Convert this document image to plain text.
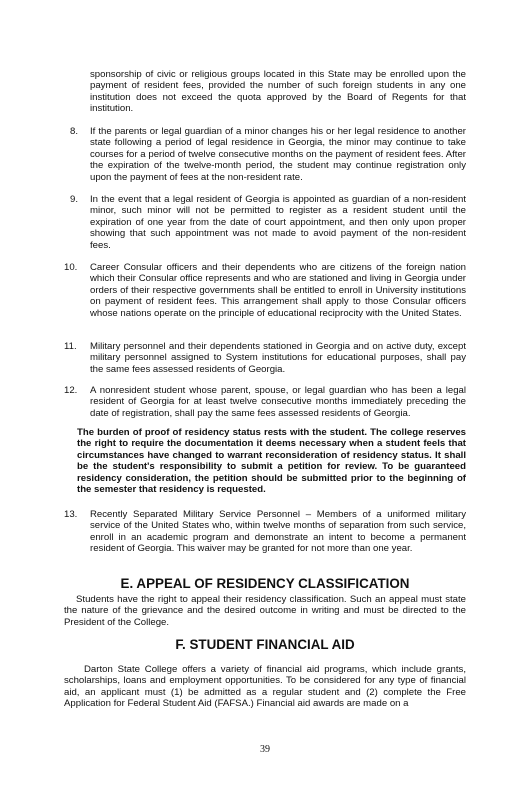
sponsorship of civic or religious groups located in this State may be enrolled upon the payment of resident fees, provided the number of such foreign students in any one institution does not exceed the quota approved by the Board of Regents for that institution.

8. If the parents or legal guardian of a minor changes his or her legal residence to another state following a period of legal residence in Georgia, the minor may continue to take courses for a period of twelve consecutive months on the payment of resident fees. After the expiration of the twelve-month period, the student may continue registration only upon the payment of fees at the non-resident rate.

9. In the event that a legal resident of Georgia is appointed as guardian of a non-resident minor, such minor will not be permitted to register as a resident student until the expiration of one year from the date of court appointment, and then only upon proper showing that such appointment was not made to avoid payment of the non-resident fees.

10. Career Consular officers and their dependents who are citizens of the foreign nation which their Consular office represents and who are stationed and living in Georgia under orders of their respective governments shall be entitled to enroll in University institutions on payment of resident fees. This arrangement shall apply to those Consular officers whose nations operate on the principle of educational reciprocity with the United States.

11. Military personnel and their dependents stationed in Georgia and on active duty, except military personnel assigned to System institutions for educational purposes, shall pay the same fees assessed residents of Georgia.

12. A nonresident student whose parent, spouse, or legal guardian who has been a legal resident of Georgia for at least twelve consecutive months immediately preceding the date of registration, shall pay the same fees assessed residents of Georgia.

The burden of proof of residency status rests with the student. The college reserves the right to require the documentation it deems necessary when a student feels that circumstances have changed to warrant reconsideration of residency status. It shall be the student's responsibility to submit a petition for review. To be guaranteed residency consideration, the petition should be submitted prior to the beginning of the semester that residency is requested.

13. Recently Separated Military Service Personnel – Members of a uniformed military service of the United States who, within twelve months of separation from such service, enroll in an academic program and demonstrate an intent to become a permanent resident of Georgia. This waiver may be granted for not more than one year.

E. APPEAL OF RESIDENCY CLASSIFICATION

Students have the right to appeal their residency classification. Such an appeal must state the nature of the grievance and the desired outcome in writing and must be directed to the President of the College.

F. STUDENT FINANCIAL AID

Darton State College offers a variety of financial aid programs, which include grants, scholarships, loans and employment opportunities. To be considered for any type of financial aid, an applicant must (1) be admitted as a regular student and (2) complete the Free Application for Federal Student Aid (FAFSA.) Financial aid awards are made on a

39
